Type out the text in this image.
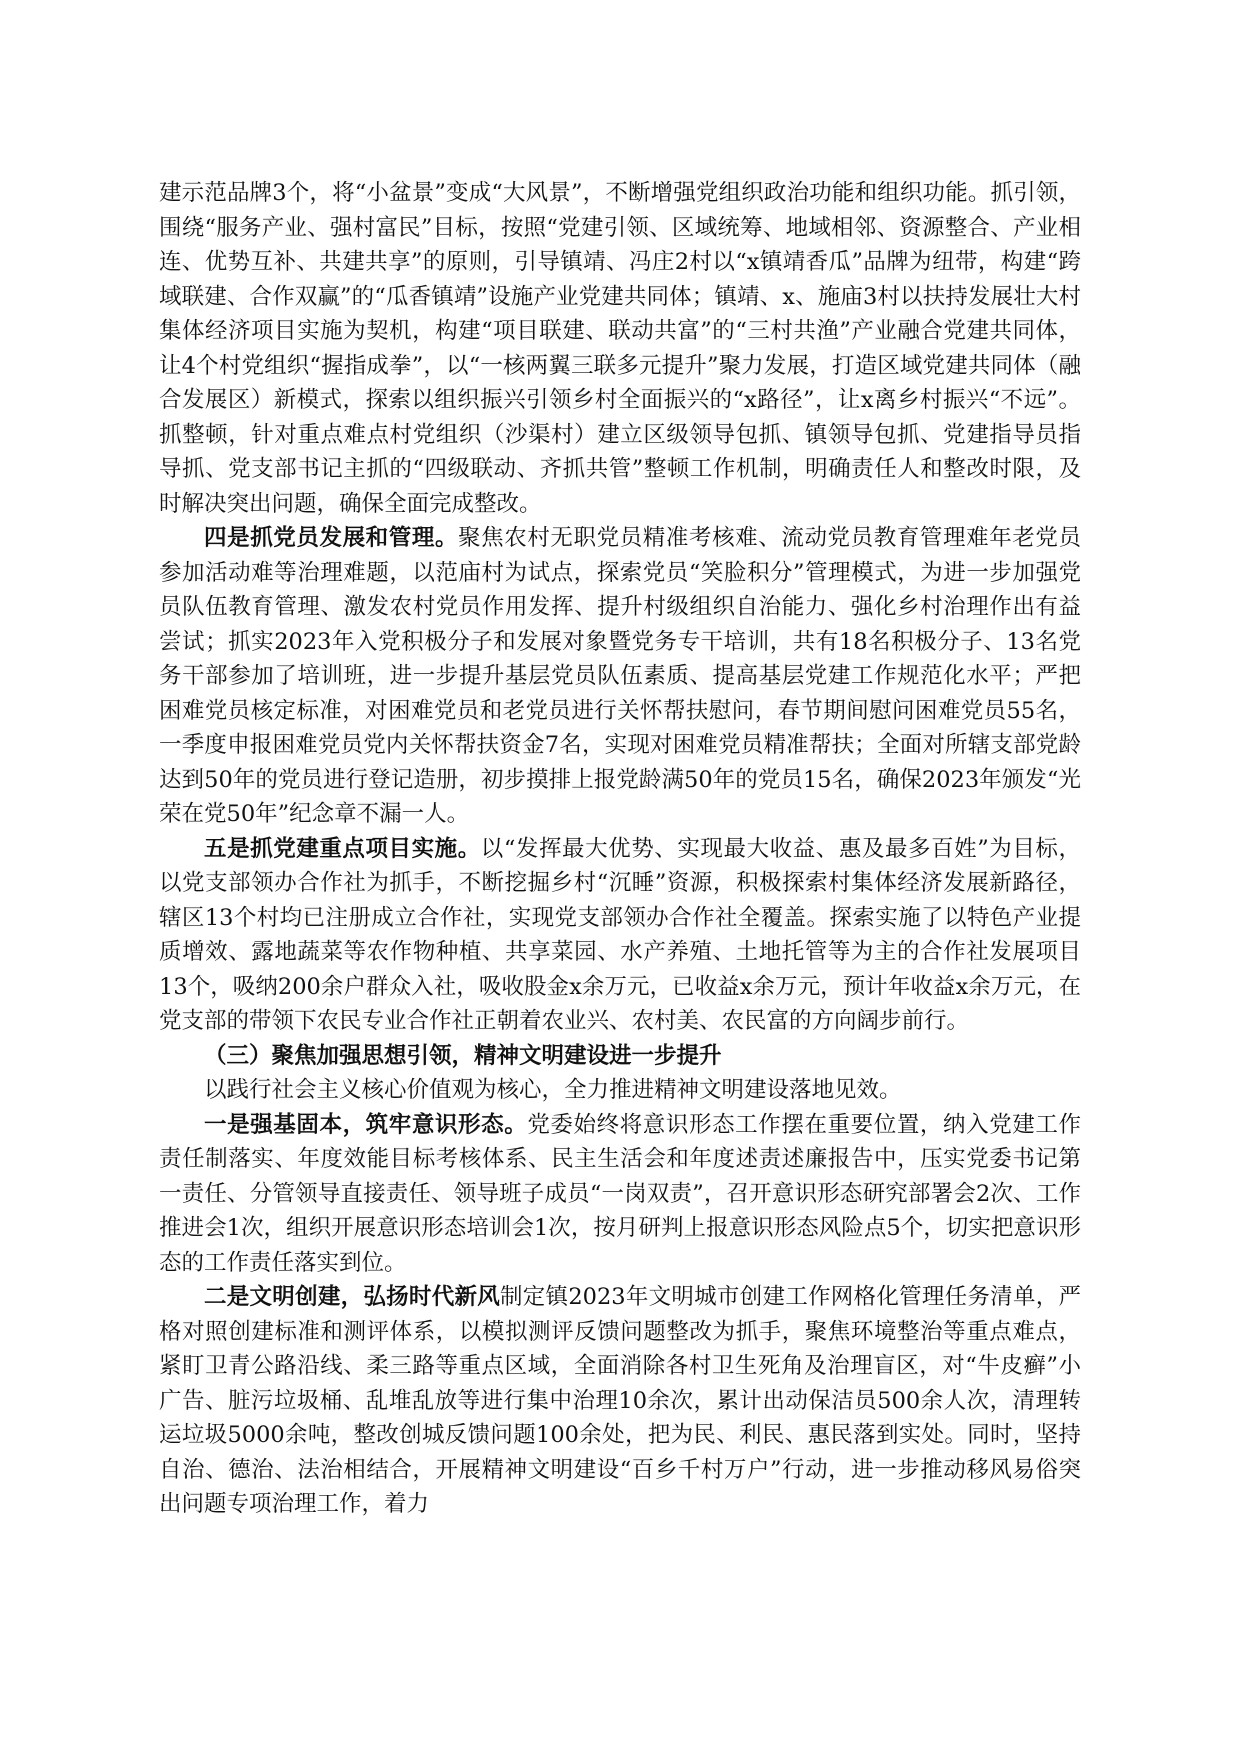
建示范品牌3个，将“小盆景”变成“大风景”，不断增强党组织政治功能和组织功能。抓引领，围绕“服务产业、强村富民”目标，按照“党建引领、区域统筹、地域相邻、资源整合、产业相连、优势互补、共建共享”的原则，引导镇靖、冯庄2村以“x镇靖香瓜”品牌为纽带，构建“跨域联建、合作双赢”的“瓜香镇靖”设施产业党建共同体；镇靖、x、施庙3村以扶持发展壮大村集体经济项目实施为契机，构建“项目联建、联动共富”的“三村共渔”产业融合党建共同体，让4个村党组织“握指成拳”，以“一核两翼三联多元提升”聚力发展，打造区域党建共同体（融合发展区）新模式，探索以组织振兴引领乡村全面振兴的“x路径”，让x离乡村振兴“不远”。抓整顿，针对重点难点村党组织（沙渠村）建立区级领导包抓、镇领导包抓、党建指导员指导抓、党支部书记主抓的“四级联动、齐抓共管”整顿工作机制，明确责任人和整改时限，及时解决突出问题，确保全面完成整改。

四是抓党员发展和管理。聚焦农村无职党员精准考核难、流动党员教育管理难年老党员参加活动难等治理难题，以范庙村为试点，探索党员“笑脸积分”管理模式，为进一步加强党员队伍教育管理、激发农村党员作用发挥、提升村级组织自治能力、强化乡村治理作出有益尝试；抓实2023年入党积极分子和发展对象暨党务专干培训，共有18名积极分子、13名党务干部参加了培训班，进一步提升基层党员队伍素质、提高基层党建工作规范化水平；严把困难党员核定标准，对困难党员和老党员进行关怀帮扶慰问，春节期间慰问困难党员55名，一季度申报困难党员党内关怀帮扶资金7名，实现对困难党员精准帮扶；全面对所辖支部党龄达到50年的党员进行登记造册，初步摸排上报党龄满50年的党员15名，确保2023年颁发“光荣在党50年”纪念章不漏一人。

五是抓党建重点项目实施。以“发挥最大优势、实现最大收益、惠及最多百姓”为目标，以党支部领办合作社为抓手，不断挖掘乡村“沉睡”资源，积极探索村集体经济发展新路径，辖区13个村均已注册成立合作社，实现党支部领办合作社全覆盖。探索实施了以特色产业提质增效、露地蔬菜等农作物种植、共享菜园、水产养殖、土地托管等为主的合作社发展项目13个，吸纳200余户群众入社，吸收股金x余万元，已收益x余万元，预计年收益x余万元，在党支部的带领下农民专业合作社正朝着农业兴、农村美、农民富的方向阔步前行。

（三）聚焦加强思想引领，精神文明建设进一步提升

以践行社会主义核心价值观为核心，全力推进精神文明建设落地见效。

一是强基固本，筑牢意识形态。党委始终将意识形态工作摆在重要位置，纳入党建工作责任制落实、年度效能目标考核体系、民主生活会和年度述责述廉报告中，压实党委书记第一责任、分管领导直接责任、领导班子成员“一岗双责”，召开意识形态研究部署会2次、工作推进会1次，组织开展意识形态培训会1次，按月研判上报意识形态风险点5个，切实把意识形态的工作责任落实到位。

二是文明创建，弘扬时代新风制定镇2023年文明城市创建工作网格化管理任务清单，严格对照创建标准和测评体系，以模拟测评反馈问题整改为抓手，聚焦环境整治等重点难点，紧盯卫青公路沿线、柔三路等重点区域，全面消除各村卫生死角及治理盲区，对“牛皮癣”小广告、脏污垃圾桶、乱堆乱放等进行集中治理10余次，累计出动保洁员500余人次，清理转运垃圾5000余吨，整改创城反馈问题100余处，把为民、利民、惠民落到实处。同时，坚持自治、德治、法治相结合，开展精神文明建设“百乡千村万户”行动，进一步推动移风易俗突出问题专项治理工作，着力
